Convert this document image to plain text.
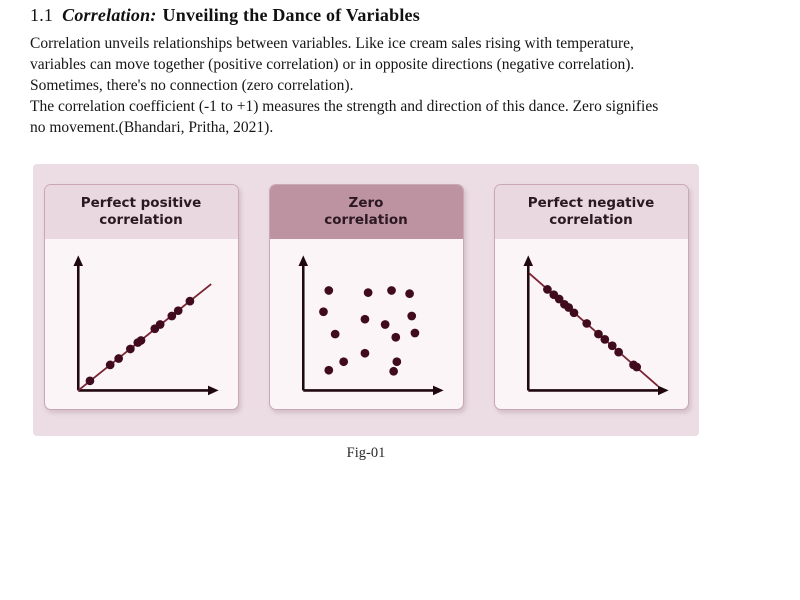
1.1 Correlation: Unveiling the Dance of Variables
Correlation unveils relationships between variables. Like ice cream sales rising with temperature,
variables can move together (positive correlation) or in opposite directions (negative correlation).
Sometimes, there's no connection (zero correlation).
The correlation coefficient (-1 to +1) measures the strength and direction of this dance. Zero signifies
no movement.(Bhandari, Pritha, 2021).
Perfect positive
correlation
Zero
correlation
Perfect negative
correlation
Fig-01
